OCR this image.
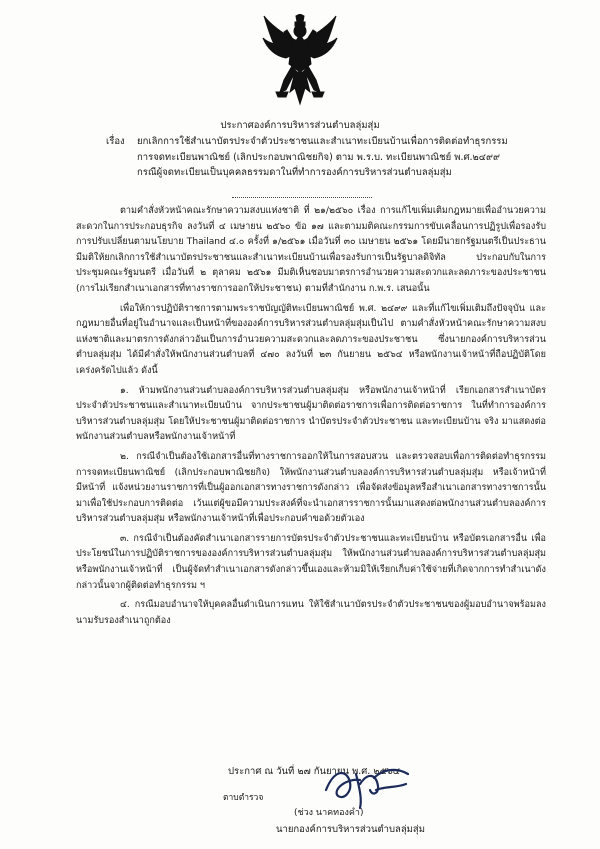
ประกาศองค์การบริหารส่วนตำบลลุ่มสุ่ม
เรื่อง	ยกเลิกการใช้สำเนาบัตรประจำตัวประชาชนและสำเนาทะเบียนบ้านเพื่อการติดต่อทำธุรกรรม
การจดทะเบียนพาณิชย์ (เลิกประกอบพาณิชยกิจ) ตาม พ.ร.บ. ทะเบียนพาณิชย์ พ.ศ.๒๔๙๙
กรณีผู้จดทะเบียนเป็นบุคคลธรรมดาในที่ทำการองค์การบริหารส่วนตำบลลุ่มสุ่ม

ตามคำสั่งหัวหน้าคณะรักษาความสงบแห่งชาติ ที่ ๒๑/๒๕๖๐ เรื่อง การแก้ไขเพิ่มเติมกฎหมายเพื่ออำนวยความสะดวกในการประกอบธุรกิจ ลงวันที่ ๔ เมษายน ๒๕๖๐ ข้อ ๑๗ และตามมติคณะกรรมการขับเคลื่อนการปฏิรูปเพื่อรองรับการปรับเปลี่ยนตามนโยบาย Thailand ๔.๐ ครั้งที่ ๑/๒๕๖๑ เมื่อวันที่ ๓๐ เมษายน ๒๕๖๑ โดยมีนายกรัฐมนตรีเป็นประธาน มีมติให้ยกเลิกการใช้สำเนาบัตรประชาชนและสำเนาทะเบียนบ้านเพื่อรองรับการเป็นรัฐบาลดิจิทัล ประกอบกับในการประชุมคณะรัฐมนตรี เมื่อวันที่ ๒ ตุลาคม ๒๕๖๑ มีมติเห็นชอบมาตรการอำนวยความสะดวกและลดภาระของประชาชน (การไม่เรียกสำเนาเอกสารที่ทางราชการออกให้ประชาชน) ตามที่สำนักงาน ก.พ.ร. เสนอนั้น

เพื่อให้การปฏิบัติราชการตามพระราชบัญญัติทะเบียนพาณิชย์ พ.ศ. ๒๔๙๙ และที่แก้ไขเพิ่มเติมถึงปัจจุบัน และกฎหมายอื่นที่อยู่ในอำนาจและเป็นหน้าที่ขององค์การบริหารส่วนตำบลลุ่มสุ่มเป็นไป ตามคำสั่งหัวหน้าคณะรักษาความสงบแห่งชาติและมาตรการดังกล่าวอันเป็นการอำนวยความสะดวกและลดภาระของประชาชน ซึ่งนายกองค์การบริหารส่วนตำบลลุ่มสุ่ม ได้มีคำสั่งให้พนักงานส่วนตำบลที่ ๔๗๐ ลงวันที่ ๒๓ กันยายน ๒๕๖๔ หรือพนักงานเจ้าหน้าที่ถือปฏิบัติโดยเคร่งครัดไปแล้ว ดังนี้

๑. ห้ามพนักงานส่วนตำบลองค์การบริหารส่วนตำบลลุ่มสุ่ม หรือพนักงานเจ้าหน้าที่ เรียกเอกสารสำเนาบัตรประจำตัวประชาชนและสำเนาทะเบียนบ้าน จากประชาชนผู้มาติดต่อราชการเพื่อการติดต่อราชการ ในที่ทำการองค์การบริหารส่วนตำบลลุ่มสุ่ม โดยให้ประชาชนผู้มาติดต่อราชการ นำบัตรประจำตัวประชาชน และทะเบียนบ้าน จริง มาแสดงต่อพนักงานส่วนตำบลหรือพนักงานเจ้าหน้าที่

๒. กรณีจำเป็นต้องใช้เอกสารอื่นที่ทางราชการออกให้ในการสอบสวน และตรวจสอบเพื่อการติดต่อทำธุรกรรมการจดทะเบียนพาณิชย์ (เลิกประกอบพาณิชยกิจ) ให้พนักงานส่วนตำบลองค์การบริหารส่วนตำบลลุ่มสุ่ม หรือเจ้าหน้าที่มีหน้าที่ แจ้งหน่วยงานราชการที่เป็นผู้ออกเอกสารทางราชการดังกล่าว เพื่อจัดส่งข้อมูลหรือสำเนาเอกสารทางราชการนั้นมาเพื่อใช้ประกอบการติดต่อ เว้นแต่ผู้ขอมีความประสงค์ที่จะนำเอกสารราชการนั้นมาแสดงต่อพนักงานส่วนตำบลองค์การบริหารส่วนตำบลลุ่มสุ่ม หรือพนักงานเจ้าหน้าที่เพื่อประกอบคำขอด้วยตัวเอง

๓. กรณีจำเป็นต้องคัดสำเนาเอกสารรายการบัตรประจำตัวประชาชนและทะเบียนบ้าน หรือบัตรเอกสารอื่น เพื่อประโยชน์ในการปฏิบัติราชการขององค์การบริหารส่วนตำบลลุ่มสุ่ม ให้พนักงานส่วนตำบลองค์การบริหารส่วนตำบลลุ่มสุ่มหรือพนักงานเจ้าหน้าที่ เป็นผู้จัดทำสำเนาเอกสารดังกล่าวขึ้นเองและห้ามมิให้เรียกเก็บค่าใช้จ่ายที่เกิดจากการทำสำเนาดังกล่าวนั้นจากผู้ติดต่อทำธุรกรรม ฯ

๔. กรณีมอบอำนาจให้บุคคลอื่นดำเนินการแทน ให้ใช้สำเนาบัตรประจำตัวประชาชนของผู้มอบอำนาจพร้อมลงนามรับรองสำเนาถูกต้อง

ประกาศ ณ วันที่ ๒๗ กันยายน พ.ศ. ๒๕๖๔
ตาบตำรวจ
(ช่วง นาคทองคำ)
นายกองค์การบริหารส่วนตำบลลุ่มสุ่ม
